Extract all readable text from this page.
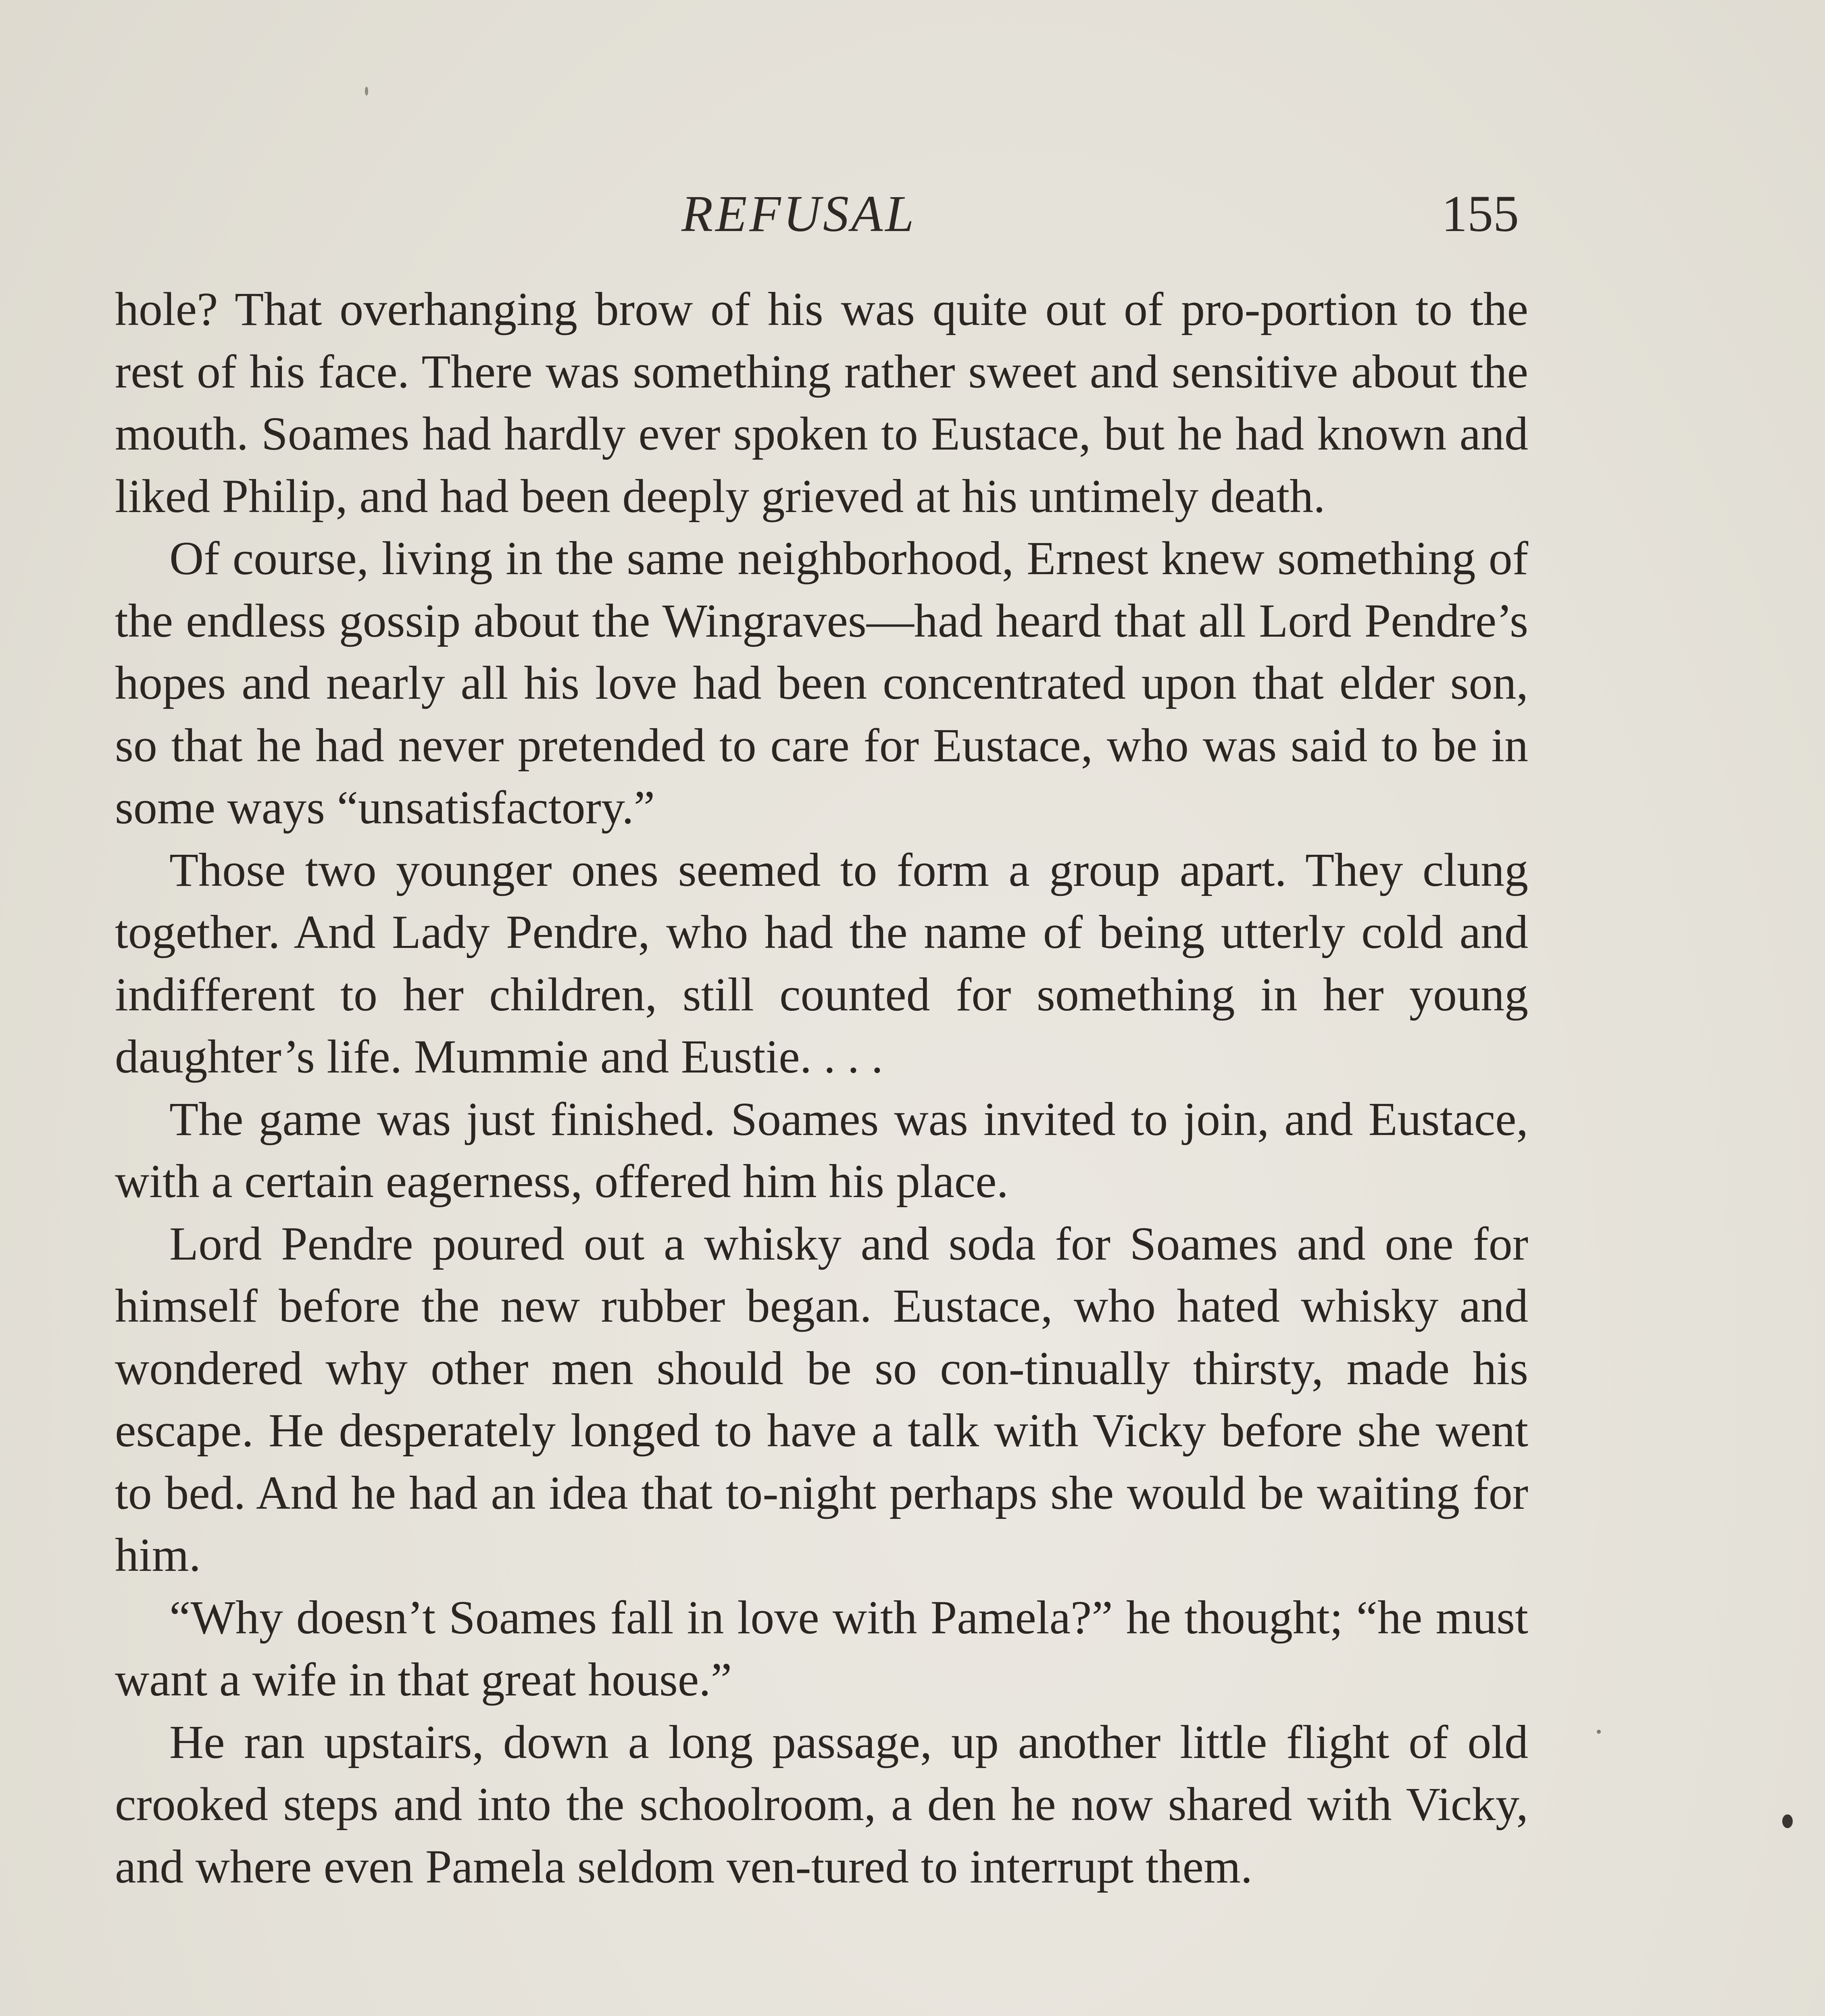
REFUSAL	155

hole? That overhanging brow of his was quite out of pro-portion to the rest of his face. There was something rather sweet and sensitive about the mouth. Soames had hardly ever spoken to Eustace, but he had known and liked Philip, and had been deeply grieved at his untimely death.

Of course, living in the same neighborhood, Ernest knew something of the endless gossip about the Wingraves—had heard that all Lord Pendre’s hopes and nearly all his love had been concentrated upon that elder son, so that he had never pretended to care for Eustace, who was said to be in some ways “unsatisfactory.”

Those two younger ones seemed to form a group apart. They clung together. And Lady Pendre, who had the name of being utterly cold and indifferent to her children, still counted for something in her young daughter’s life. Mummie and Eustie. . . .

The game was just finished. Soames was invited to join, and Eustace, with a certain eagerness, offered him his place.

Lord Pendre poured out a whisky and soda for Soames and one for himself before the new rubber began. Eustace, who hated whisky and wondered why other men should be so con-tinually thirsty, made his escape. He desperately longed to have a talk with Vicky before she went to bed. And he had an idea that to-night perhaps she would be waiting for him.

“Why doesn’t Soames fall in love with Pamela?” he thought; “he must want a wife in that great house.”

He ran upstairs, down a long passage, up another little flight of old crooked steps and into the schoolroom, a den he now shared with Vicky, and where even Pamela seldom ven-tured to interrupt them.
